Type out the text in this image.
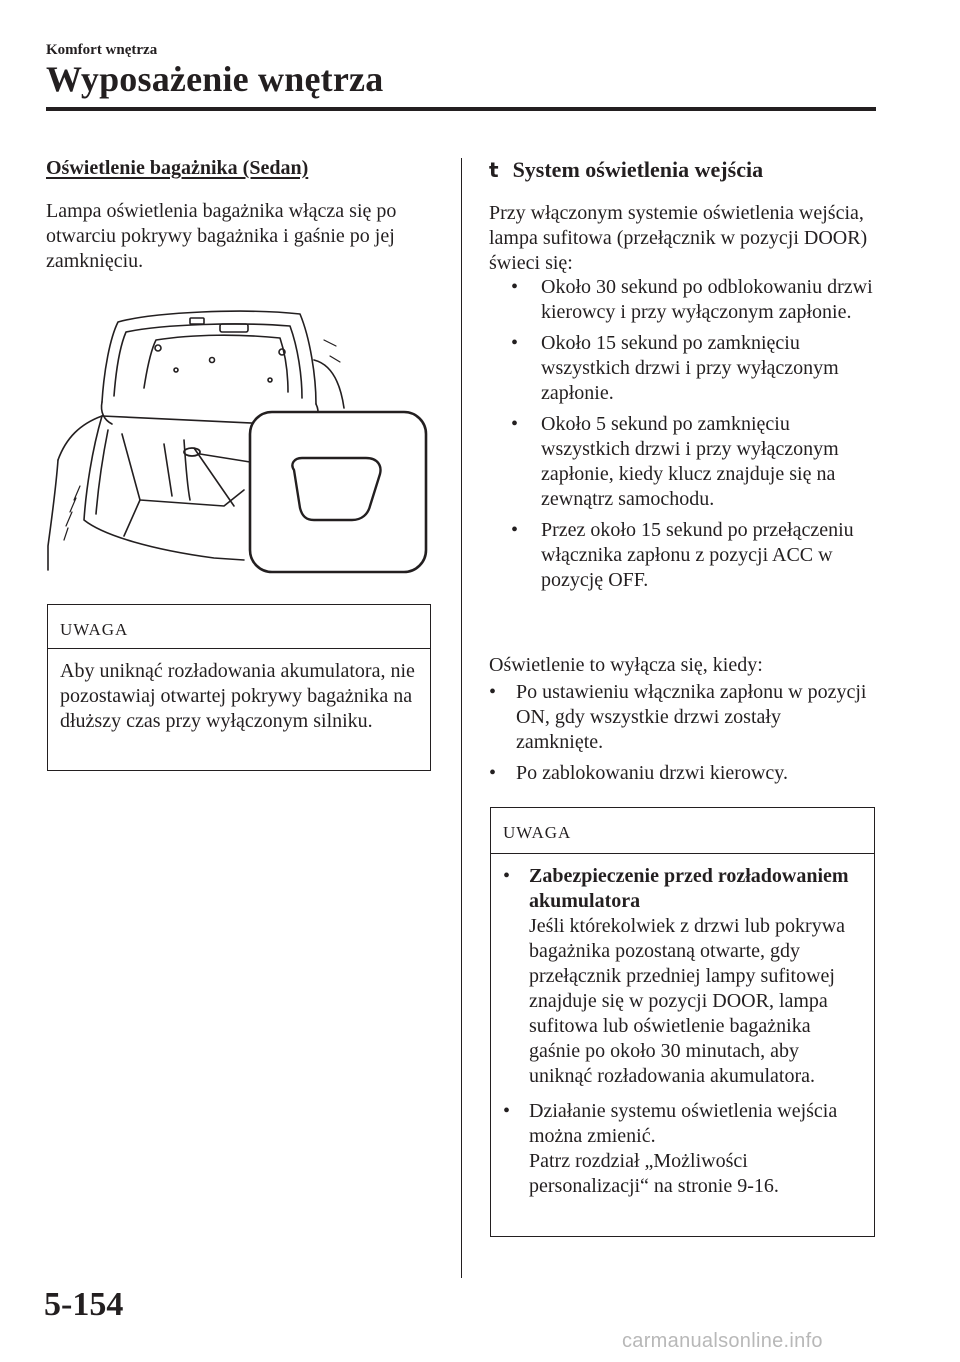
Komfort wnętrza
Wyposażenie wnętrza
Oświetlenie bagażnika (Sedan)
Lampa oświetlenia bagażnika włącza się po otwarciu pokrywy bagażnika i gaśnie po jej zamknięciu.
UWAGA
Aby uniknąć rozładowania akumulatora, nie pozostawiaj otwartej pokrywy bagażnika na dłuższy czas przy wyłączonym silniku.
t System oświetlenia wejścia
Przy włączonym systemie oświetlenia wejścia, lampa sufitowa (przełącznik w pozycji DOOR) świeci się:
• Około 30 sekund po odblokowaniu drzwi kierowcy i przy wyłączonym zapłonie.
• Około 15 sekund po zamknięciu wszystkich drzwi i przy wyłączonym zapłonie.
• Około 5 sekund po zamknięciu wszystkich drzwi i przy wyłączonym zapłonie, kiedy klucz znajduje się na zewnątrz samochodu.
• Przez około 15 sekund po przełączeniu włącznika zapłonu z pozycji ACC w pozycję OFF.
Oświetlenie to wyłącza się, kiedy:
• Po ustawieniu włącznika zapłonu w pozycji ON, gdy wszystkie drzwi zostały zamknięte.
• Po zablokowaniu drzwi kierowcy.
UWAGA
• Zabezpieczenie przed rozładowaniem akumulatora
Jeśli którekolwiek z drzwi lub pokrywa bagażnika pozostaną otwarte, gdy przełącznik przedniej lampy sufitowej znajduje się w pozycji DOOR, lampa sufitowa lub oświetlenie bagażnika gaśnie po około 30 minutach, aby uniknąć rozładowania akumulatora.
• Działanie systemu oświetlenia wejścia można zmienić.
Patrz rozdział „Możliwości personalizacji“ na stronie 9-16.
5-154
carmanualsonline.info
